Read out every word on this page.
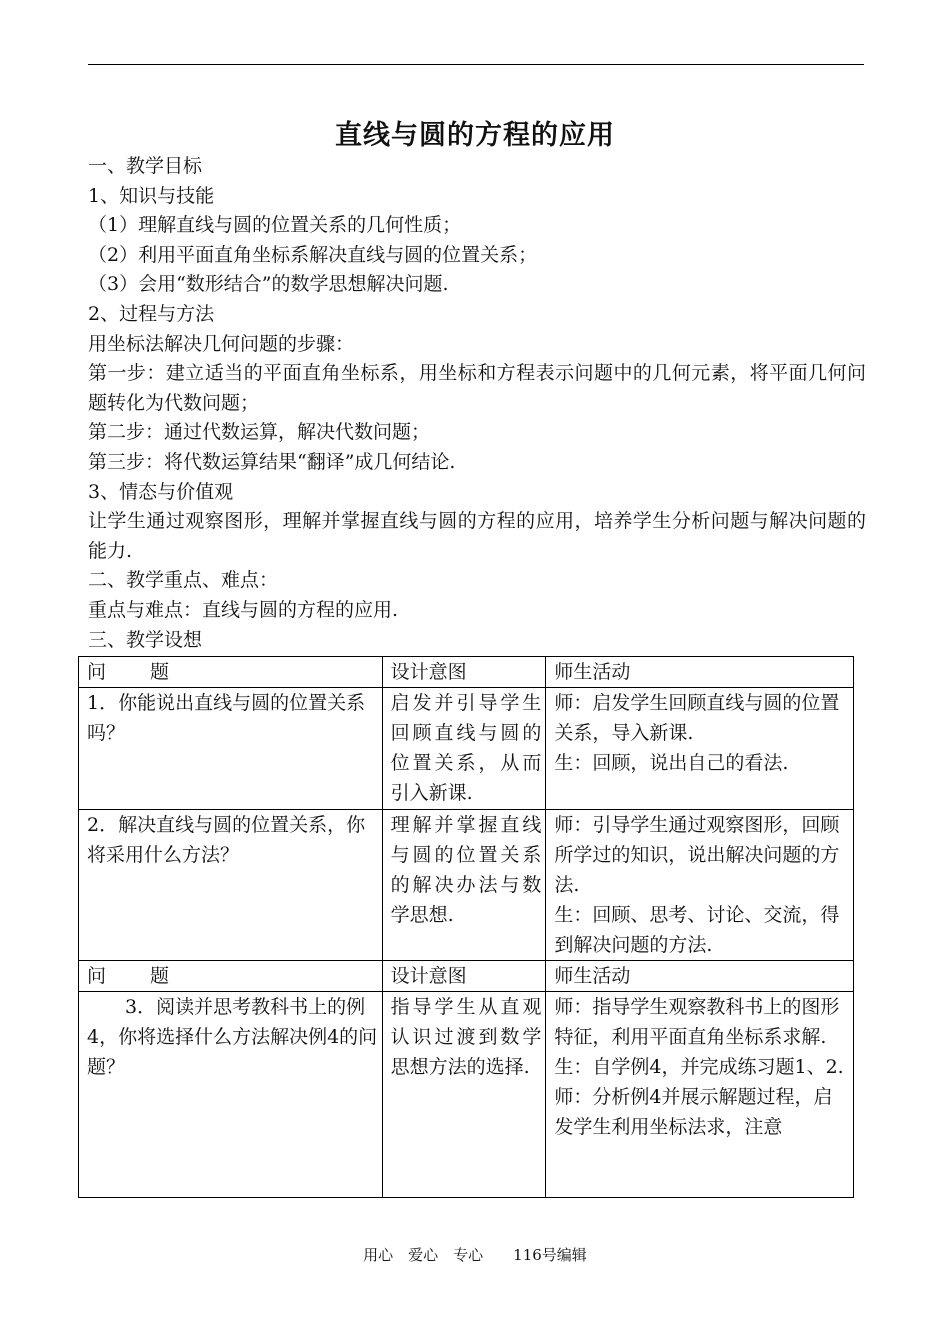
直线与圆的方程的应用
一、教学目标
1、知识与技能
（1）理解直线与圆的位置关系的几何性质；
（2）利用平面直角坐标系解决直线与圆的位置关系；
（3）会用“数形结合”的数学思想解决问题.
2、过程与方法
用坐标法解决几何问题的步骤：
第一步：建立适当的平面直角坐标系，用坐标和方程表示问题中的几何元素，将平面几何问题转化为代数问题；
第二步：通过代数运算，解决代数问题；
第三步：将代数运算结果“翻译”成几何结论.
3、情态与价值观
让学生通过观察图形，理解并掌握直线与圆的方程的应用，培养学生分析问题与解决问题的能力.
二、教学重点、难点：
重点与难点：直线与圆的方程的应用.
三、教学设想
问 题	设计意图	师生活动
1．你能说出直线与圆的位置关系吗？	启发并引导学生回顾直线与圆的位置关系，从而引入新课.	师：启发学生回顾直线与圆的位置关系，导入新课.
生：回顾，说出自己的看法.

2．解决直线与圆的位置关系，你将采用什么方法？	理解并掌握直线与圆的位置关系的解决办法与数学思想.	师：引导学生通过观察图形，回顾所学过的知识，说出解决问题的方法.
生：回顾、思考、讨论、交流，得到解决问题的方法.

问 题	设计意图	师生活动
3．阅读并思考教科书上的例4，你将选择什么方法解决例4的问题？	指导学生从直观认识过渡到数学思想方法的选择.	师：指导学生观察教科书上的图形特征，利用平面直角坐标系求解.
生：自学例4，并完成练习题1、2.
师：分析例4并展示解题过程，启发学生利用坐标法求，注意
用心　爱心　专心　　116号编辑
